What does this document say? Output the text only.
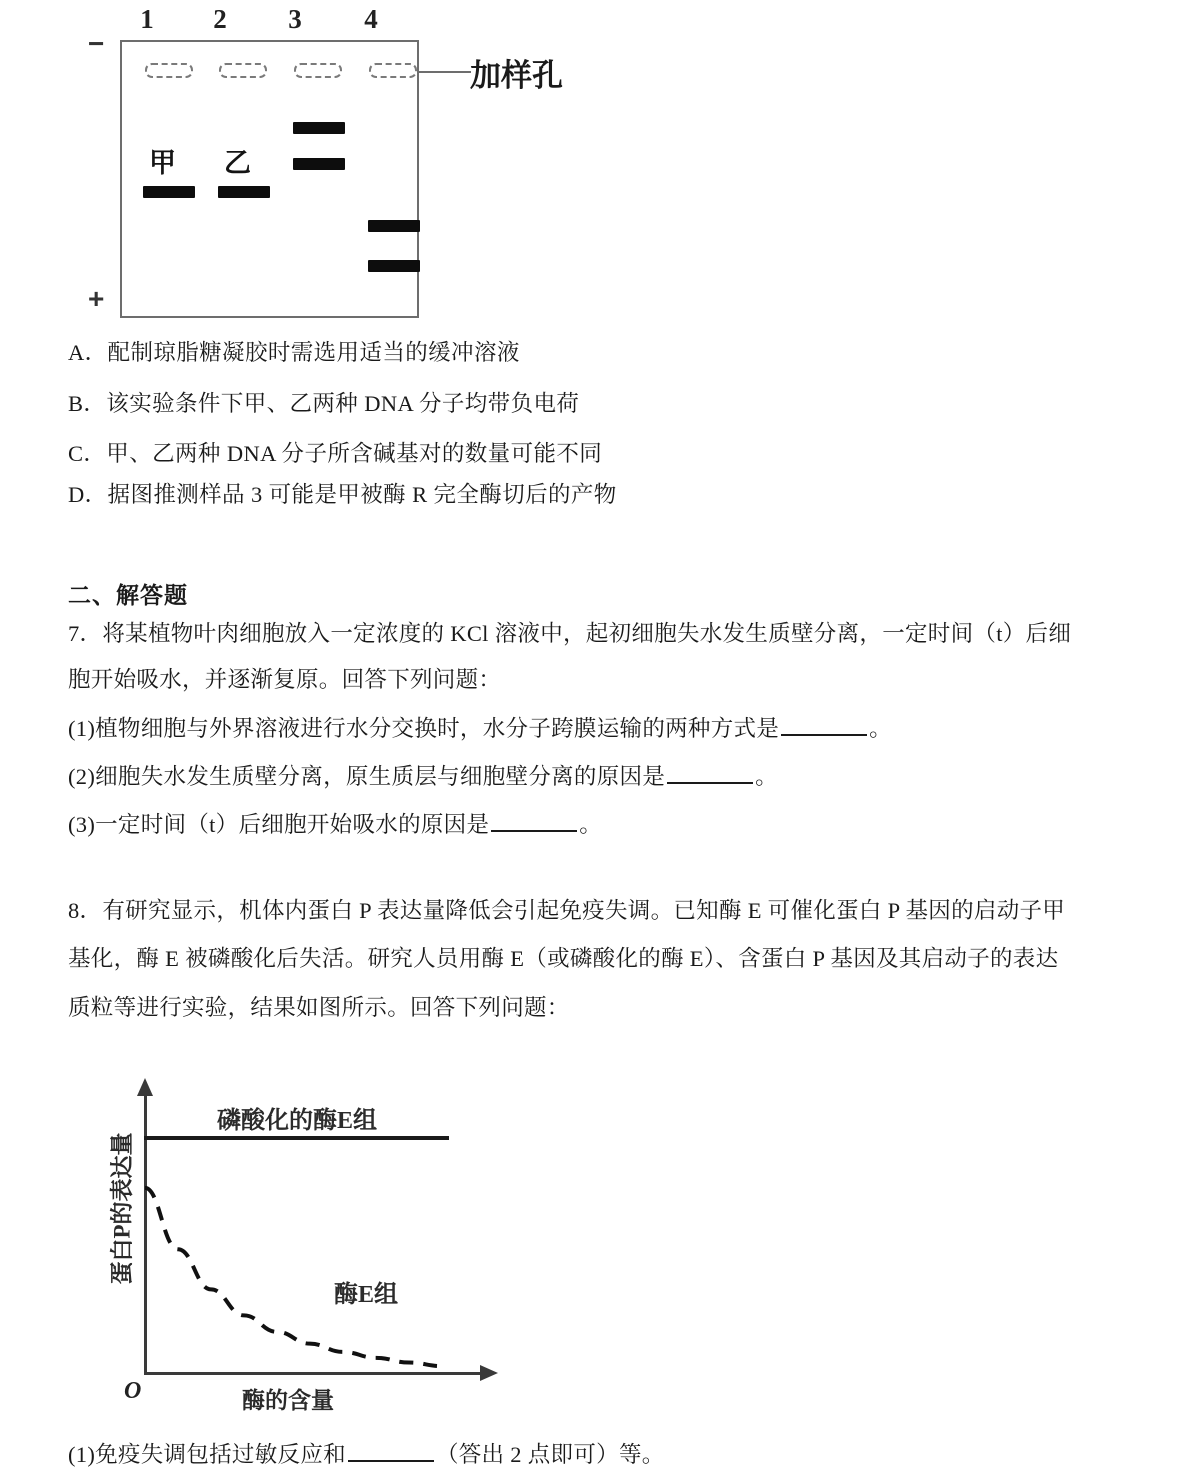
−
+
1	2	3	4
甲 乙
加样孔
A．配制琼脂糖凝胶时需选用适当的缓冲溶液
B．该实验条件下甲、乙两种 DNA 分子均带负电荷
C．甲、乙两种 DNA 分子所含碱基对的数量可能不同
D．据图推测样品 3 可能是甲被酶 R 完全酶切后的产物
二、解答题
7．将某植物叶肉细胞放入一定浓度的 KCl 溶液中，起初细胞失水发生质壁分离，一定时间（t）后细
胞开始吸水，并逐渐复原。回答下列问题：
(1)植物细胞与外界溶液进行水分交换时，水分子跨膜运输的两种方式是	。
(2)细胞失水发生质壁分离，原生质层与细胞壁分离的原因是	。
(3)一定时间（t）后细胞开始吸水的原因是	。
8．有研究显示，机体内蛋白 P 表达量降低会引起免疫失调。已知酶 E 可催化蛋白 P 基因的启动子甲
基化，酶 E 被磷酸化后失活。研究人员用酶 E（或磷酸化的酶 E）、含蛋白 P 基因及其启动子的表达
质粒等进行实验，结果如图所示。回答下列问题：
O
蛋白P的表达量
酶的含量
磷酸化的酶E组
酶E组
(1)免疫失调包括过敏反应和	（答出 2 点即可）等。
